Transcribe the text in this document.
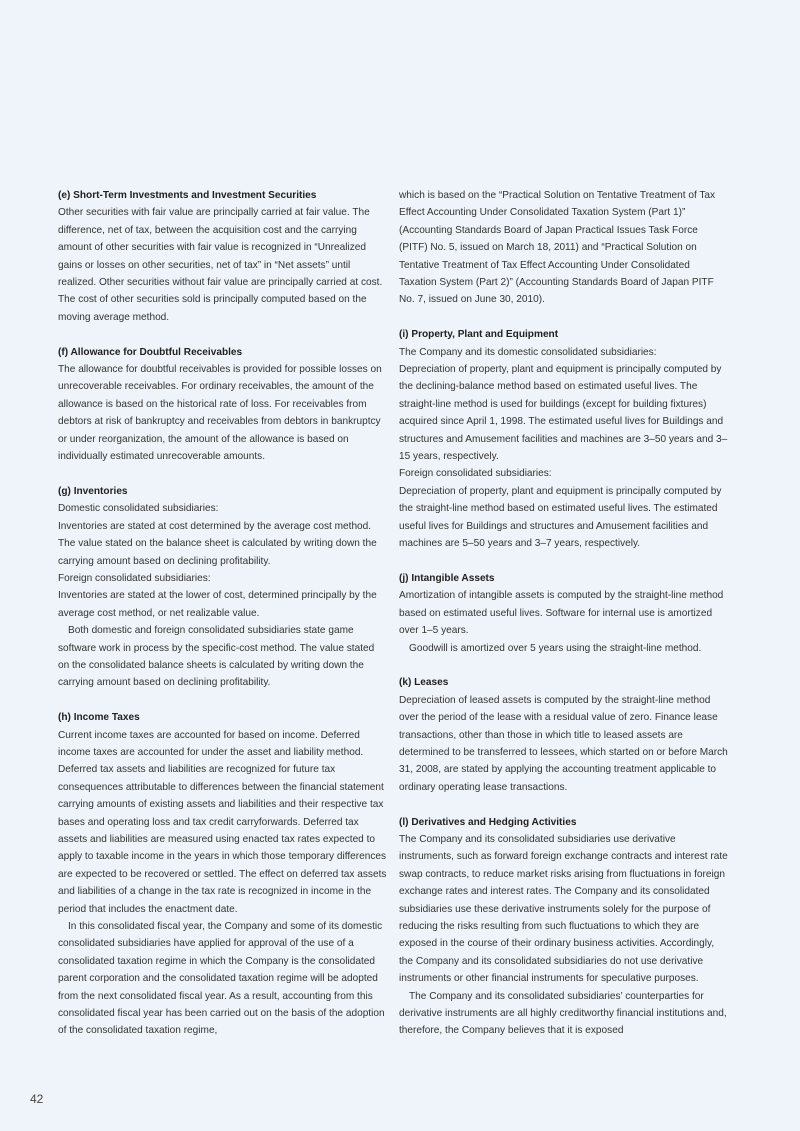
(e) Short-Term Investments and Investment Securities

Other securities with fair value are principally carried at fair value. The difference, net of tax, between the acquisition cost and the carrying amount of other securities with fair value is recognized in “Unrealized gains or losses on other securities, net of tax” in “Net assets” until realized. Other securities without fair value are principally carried at cost. The cost of other securities sold is principally computed based on the moving average method.

(f) Allowance for Doubtful Receivables

The allowance for doubtful receivables is provided for possible losses on unrecoverable receivables. For ordinary receivables, the amount of the allowance is based on the historical rate of loss. For receivables from debtors at risk of bankruptcy and receivables from debtors in bankruptcy or under reorganization, the amount of the allowance is based on individually estimated unrecoverable amounts.

(g) Inventories

Domestic consolidated subsidiaries:

Inventories are stated at cost determined by the average cost method. The value stated on the balance sheet is calculated by writing down the carrying amount based on declining profitability.

Foreign consolidated subsidiaries:

Inventories are stated at the lower of cost, determined principally by the average cost method, or net realizable value.

Both domestic and foreign consolidated subsidiaries state game software work in process by the specific-cost method. The value stated on the consolidated balance sheets is calculated by writing down the carrying amount based on declining profitability.

(h) Income Taxes

Current income taxes are accounted for based on income. Deferred income taxes are accounted for under the asset and liability method. Deferred tax assets and liabilities are recognized for future tax consequences attributable to differences between the financial statement carrying amounts of existing assets and liabilities and their respective tax bases and operating loss and tax credit carryforwards. Deferred tax assets and liabilities are measured using enacted tax rates expected to apply to taxable income in the years in which those temporary differences are expected to be recovered or settled. The effect on deferred tax assets and liabilities of a change in the tax rate is recognized in income in the period that includes the enactment date.

In this consolidated fiscal year, the Company and some of its domestic consolidated subsidiaries have applied for approval of the use of a consolidated taxation regime in which the Company is the consolidated parent corporation and the consolidated taxation regime will be adopted from the next consolidated fiscal year. As a result, accounting from this consolidated fiscal year has been carried out on the basis of the adoption of the consolidated taxation regime,

which is based on the “Practical Solution on Tentative Treatment of Tax Effect Accounting Under Consolidated Taxation System (Part 1)” (Accounting Standards Board of Japan Practical Issues Task Force (PITF) No. 5, issued on March 18, 2011) and “Practical Solution on Tentative Treatment of Tax Effect Accounting Under Consolidated Taxation System (Part 2)” (Accounting Standards Board of Japan PITF No. 7, issued on June 30, 2010).

(i) Property, Plant and Equipment

The Company and its domestic consolidated subsidiaries:

Depreciation of property, plant and equipment is principally computed by the declining-balance method based on estimated useful lives. The straight-line method is used for buildings (except for building fixtures) acquired since April 1, 1998. The estimated useful lives for Buildings and structures and Amusement facilities and machines are 3–50 years and 3–15 years, respectively.

Foreign consolidated subsidiaries:

Depreciation of property, plant and equipment is principally computed by the straight-line method based on estimated useful lives. The estimated useful lives for Buildings and structures and Amusement facilities and machines are 5–50 years and 3–7 years, respectively.

(j) Intangible Assets

Amortization of intangible assets is computed by the straight-line method based on estimated useful lives. Software for internal use is amortized over 1–5 years.

Goodwill is amortized over 5 years using the straight-line method.

(k) Leases

Depreciation of leased assets is computed by the straight-line method over the period of the lease with a residual value of zero. Finance lease transactions, other than those in which title to leased assets are determined to be transferred to lessees, which started on or before March 31, 2008, are stated by applying the accounting treatment applicable to ordinary operating lease transactions.

(l) Derivatives and Hedging Activities

The Company and its consolidated subsidiaries use derivative instruments, such as forward foreign exchange contracts and interest rate swap contracts, to reduce market risks arising from fluctuations in foreign exchange rates and interest rates. The Company and its consolidated subsidiaries use these derivative instruments solely for the purpose of reducing the risks resulting from such fluctuations to which they are exposed in the course of their ordinary business activities. Accordingly, the Company and its consolidated subsidiaries do not use derivative instruments or other financial instruments for speculative purposes.

The Company and its consolidated subsidiaries’ counterparties for derivative instruments are all highly creditworthy financial institutions and, therefore, the Company believes that it is exposed

42
